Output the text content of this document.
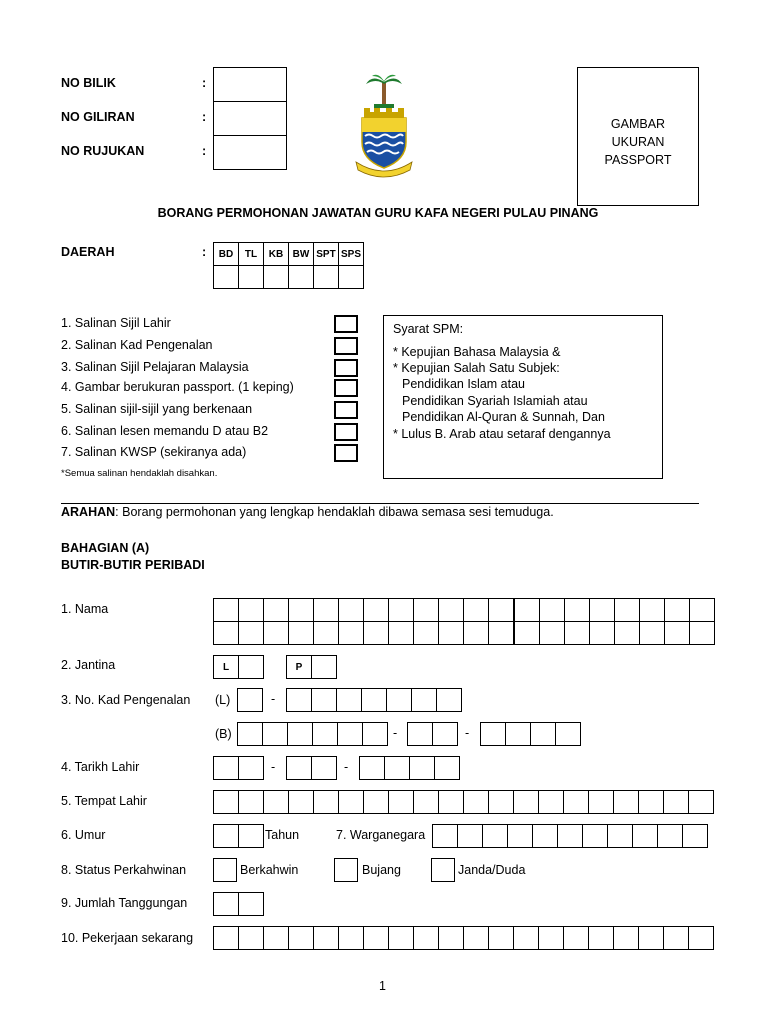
NO BILIK	:
NO GILIRAN	:
NO RUJUKAN	:
GAMBAR
UKURAN
PASSPORT
BORANG PERMOHONAN JAWATAN GURU KAFA NEGERI PULAU PINANG
DAERAH	:	BD	TL	KB BW SPT SPS
1. Salinan Sijil Lahir
2. Salinan Kad Pengenalan
3. Salinan Sijil Pelajaran Malaysia
4. Gambar berukuran passport. (1 keping)
5. Salinan sijil-sijil yang berkenaan
6. Salinan lesen memandu D atau B2
7. Salinan KWSP (sekiranya ada)
*Semua salinan hendaklah disahkan.
Syarat SPM:
* Kepujian Bahasa Malaysia &
* Kepujian Salah Satu Subjek:
Pendidikan Islam atau
Pendidikan Syariah Islamiah atau
Pendidikan Al-Quran & Sunnah, Dan
* Lulus B. Arab atau setaraf dengannya
ARAHAN: Borang permohonan yang lengkap hendaklah dibawa semasa sesi temuduga.
BAHAGIAN (A)
BUTIR-BUTIR PERIBADI
1. Nama
2. Jantina	L	P
3. No. Kad Pengenalan (L)	-
(B)	-	-
4. Tarikh Lahir	-	-
5. Tempat Lahir
6. Umur	Tahun	7. Warganegara
8. Status Perkahwinan	Berkahwin	Bujang	Janda/Duda
9. Jumlah Tanggungan
10. Pekerjaan sekarang
1
